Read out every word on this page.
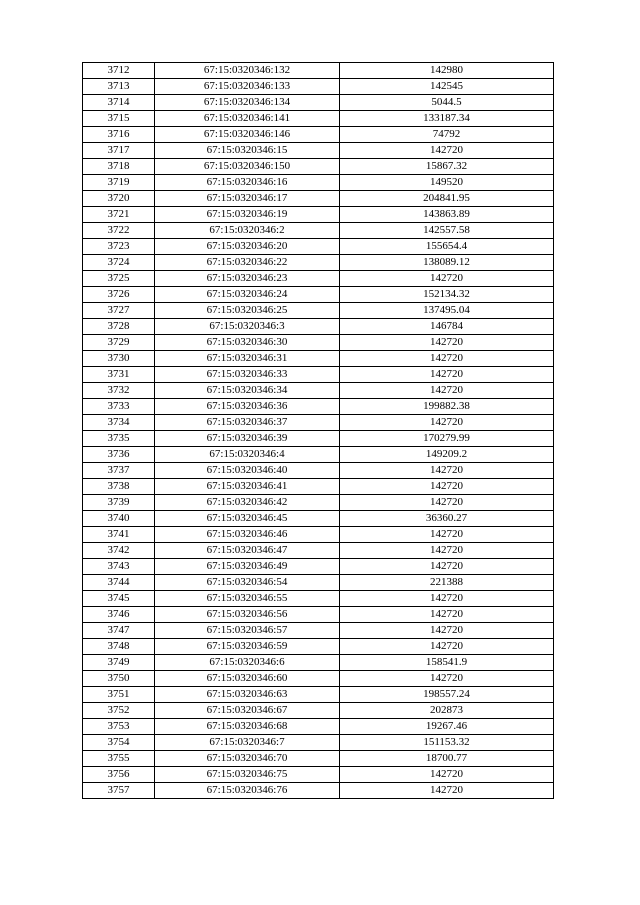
3712	67:15:0320346:132	142980
3713	67:15:0320346:133	142545
3714	67:15:0320346:134	5044.5
3715	67:15:0320346:141	133187.34
3716	67:15:0320346:146	74792
3717	67:15:0320346:15	142720
3718	67:15:0320346:150	15867.32
3719	67:15:0320346:16	149520
3720	67:15:0320346:17	204841.95
3721	67:15:0320346:19	143863.89
3722	67:15:0320346:2	142557.58
3723	67:15:0320346:20	155654.4
3724	67:15:0320346:22	138089.12
3725	67:15:0320346:23	142720
3726	67:15:0320346:24	152134.32
3727	67:15:0320346:25	137495.04
3728	67:15:0320346:3	146784
3729	67:15:0320346:30	142720
3730	67:15:0320346:31	142720
3731	67:15:0320346:33	142720
3732	67:15:0320346:34	142720
3733	67:15:0320346:36	199882.38
3734	67:15:0320346:37	142720
3735	67:15:0320346:39	170279.99
3736	67:15:0320346:4	149209.2
3737	67:15:0320346:40	142720
3738	67:15:0320346:41	142720
3739	67:15:0320346:42	142720
3740	67:15:0320346:45	36360.27
3741	67:15:0320346:46	142720
3742	67:15:0320346:47	142720
3743	67:15:0320346:49	142720
3744	67:15:0320346:54	221388
3745	67:15:0320346:55	142720
3746	67:15:0320346:56	142720
3747	67:15:0320346:57	142720
3748	67:15:0320346:59	142720
3749	67:15:0320346:6	158541.9
3750	67:15:0320346:60	142720
3751	67:15:0320346:63	198557.24
3752	67:15:0320346:67	202873
3753	67:15:0320346:68	19267.46
3754	67:15:0320346:7	151153.32
3755	67:15:0320346:70	18700.77
3756	67:15:0320346:75	142720
3757	67:15:0320346:76	142720
